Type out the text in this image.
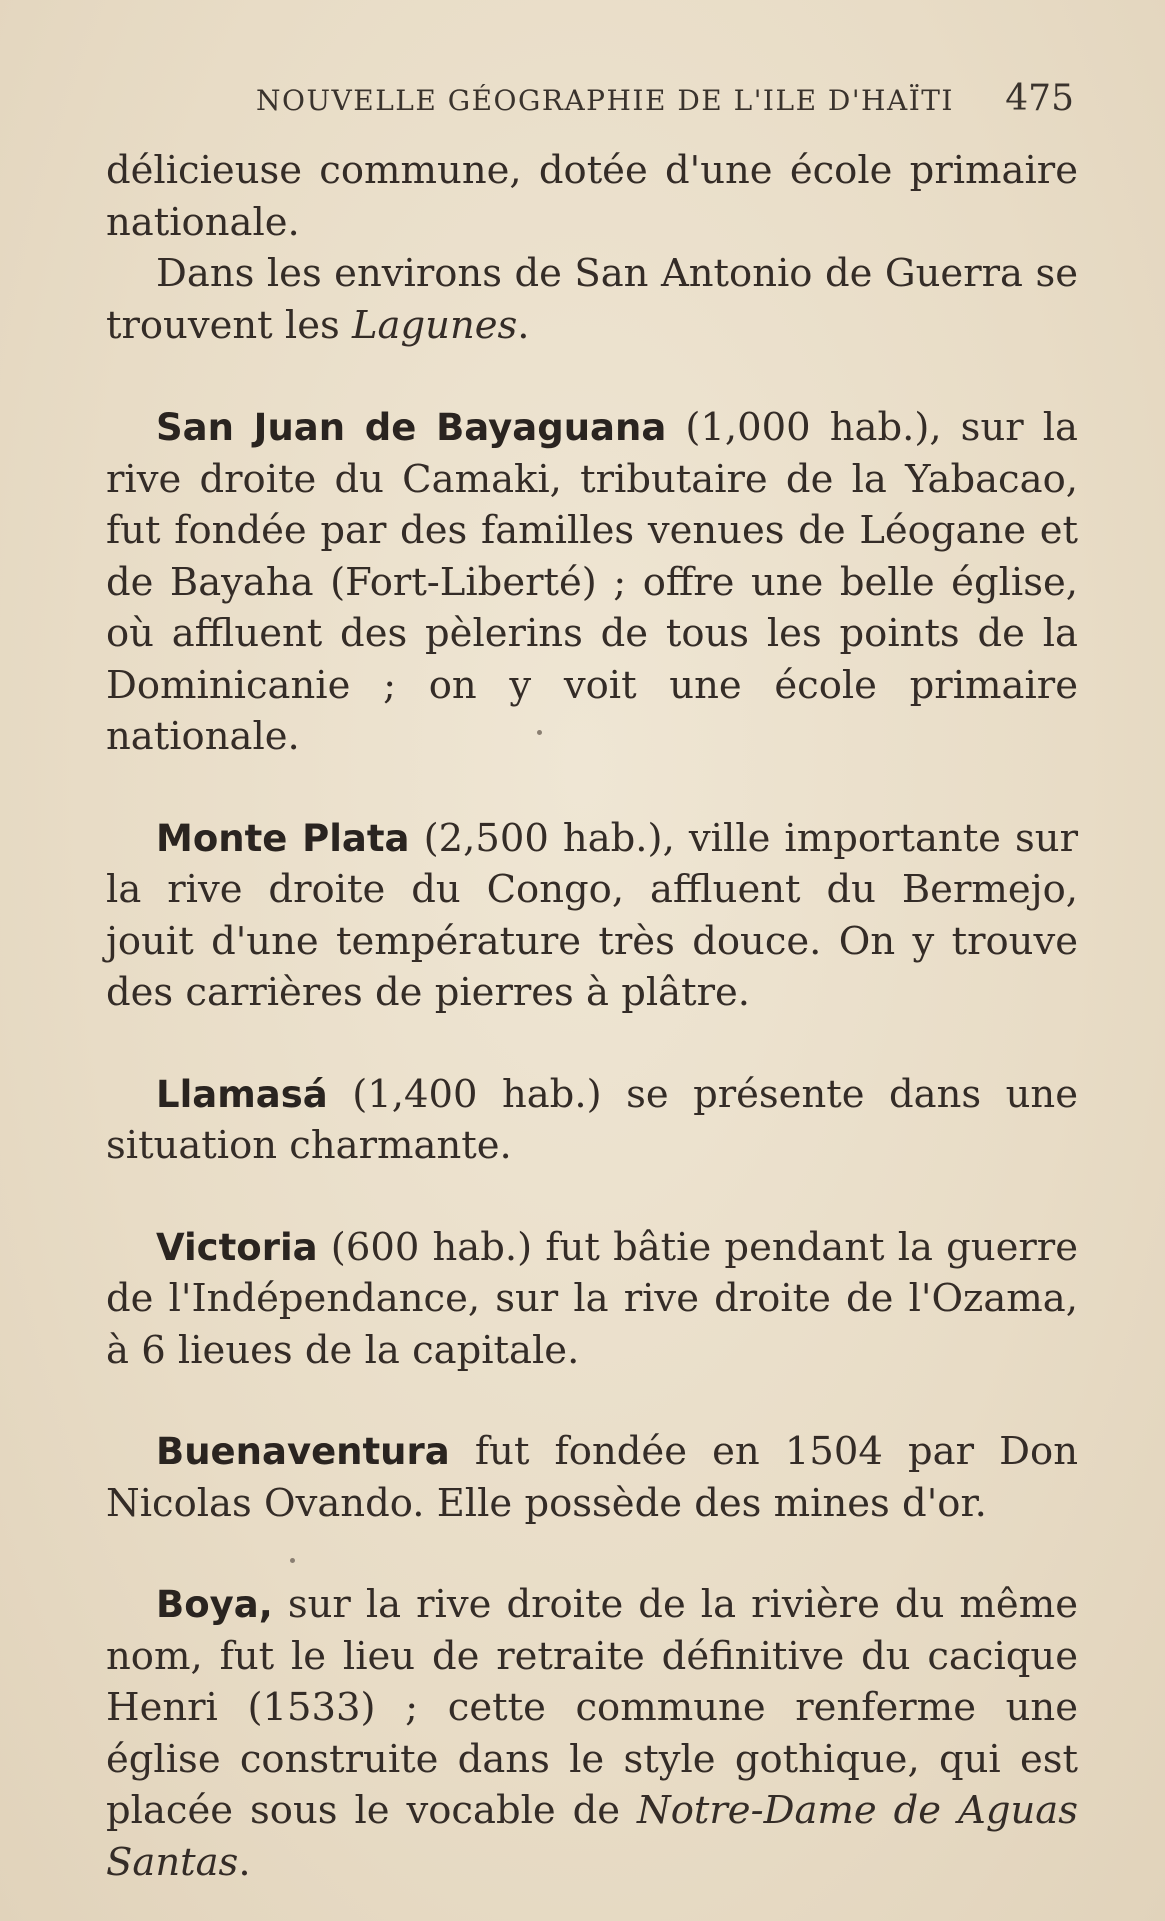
NOUVELLE GÉOGRAPHIE DE L'ILE D'HAÏTI 475

délicieuse commune, dotée d'une école primaire nationale.

Dans les environs de San Antonio de Guerra se trouvent les Lagunes.

San Juan de Bayaguana (1,000 hab.), sur la rive droite du Camaki, tributaire de la Yabacao, fut fondée par des familles venues de Léogane et de Bayaha (Fort-Liberté) ; offre une belle église, où affluent des pèlerins de tous les points de la Dominicanie ; on y voit une école primaire nationale.

Monte Plata (2,500 hab.), ville importante sur la rive droite du Congo, affluent du Bermejo, jouit d'une température très douce. On y trouve des carrières de pierres à plâtre.

Llamasá (1,400 hab.) se présente dans une situation charmante.

Victoria (600 hab.) fut bâtie pendant la guerre de l'Indépendance, sur la rive droite de l'Ozama, à 6 lieues de la capitale.

Buenaventura fut fondée en 1504 par Don Nicolas Ovando. Elle possède des mines d'or.

Boya, sur la rive droite de la rivière du même nom, fut le lieu de retraite définitive du cacique Henri (1533) ; cette commune renferme une église construite dans le style gothique, qui est placée sous le vocable de Notre-Dame de Aguas Santas.
